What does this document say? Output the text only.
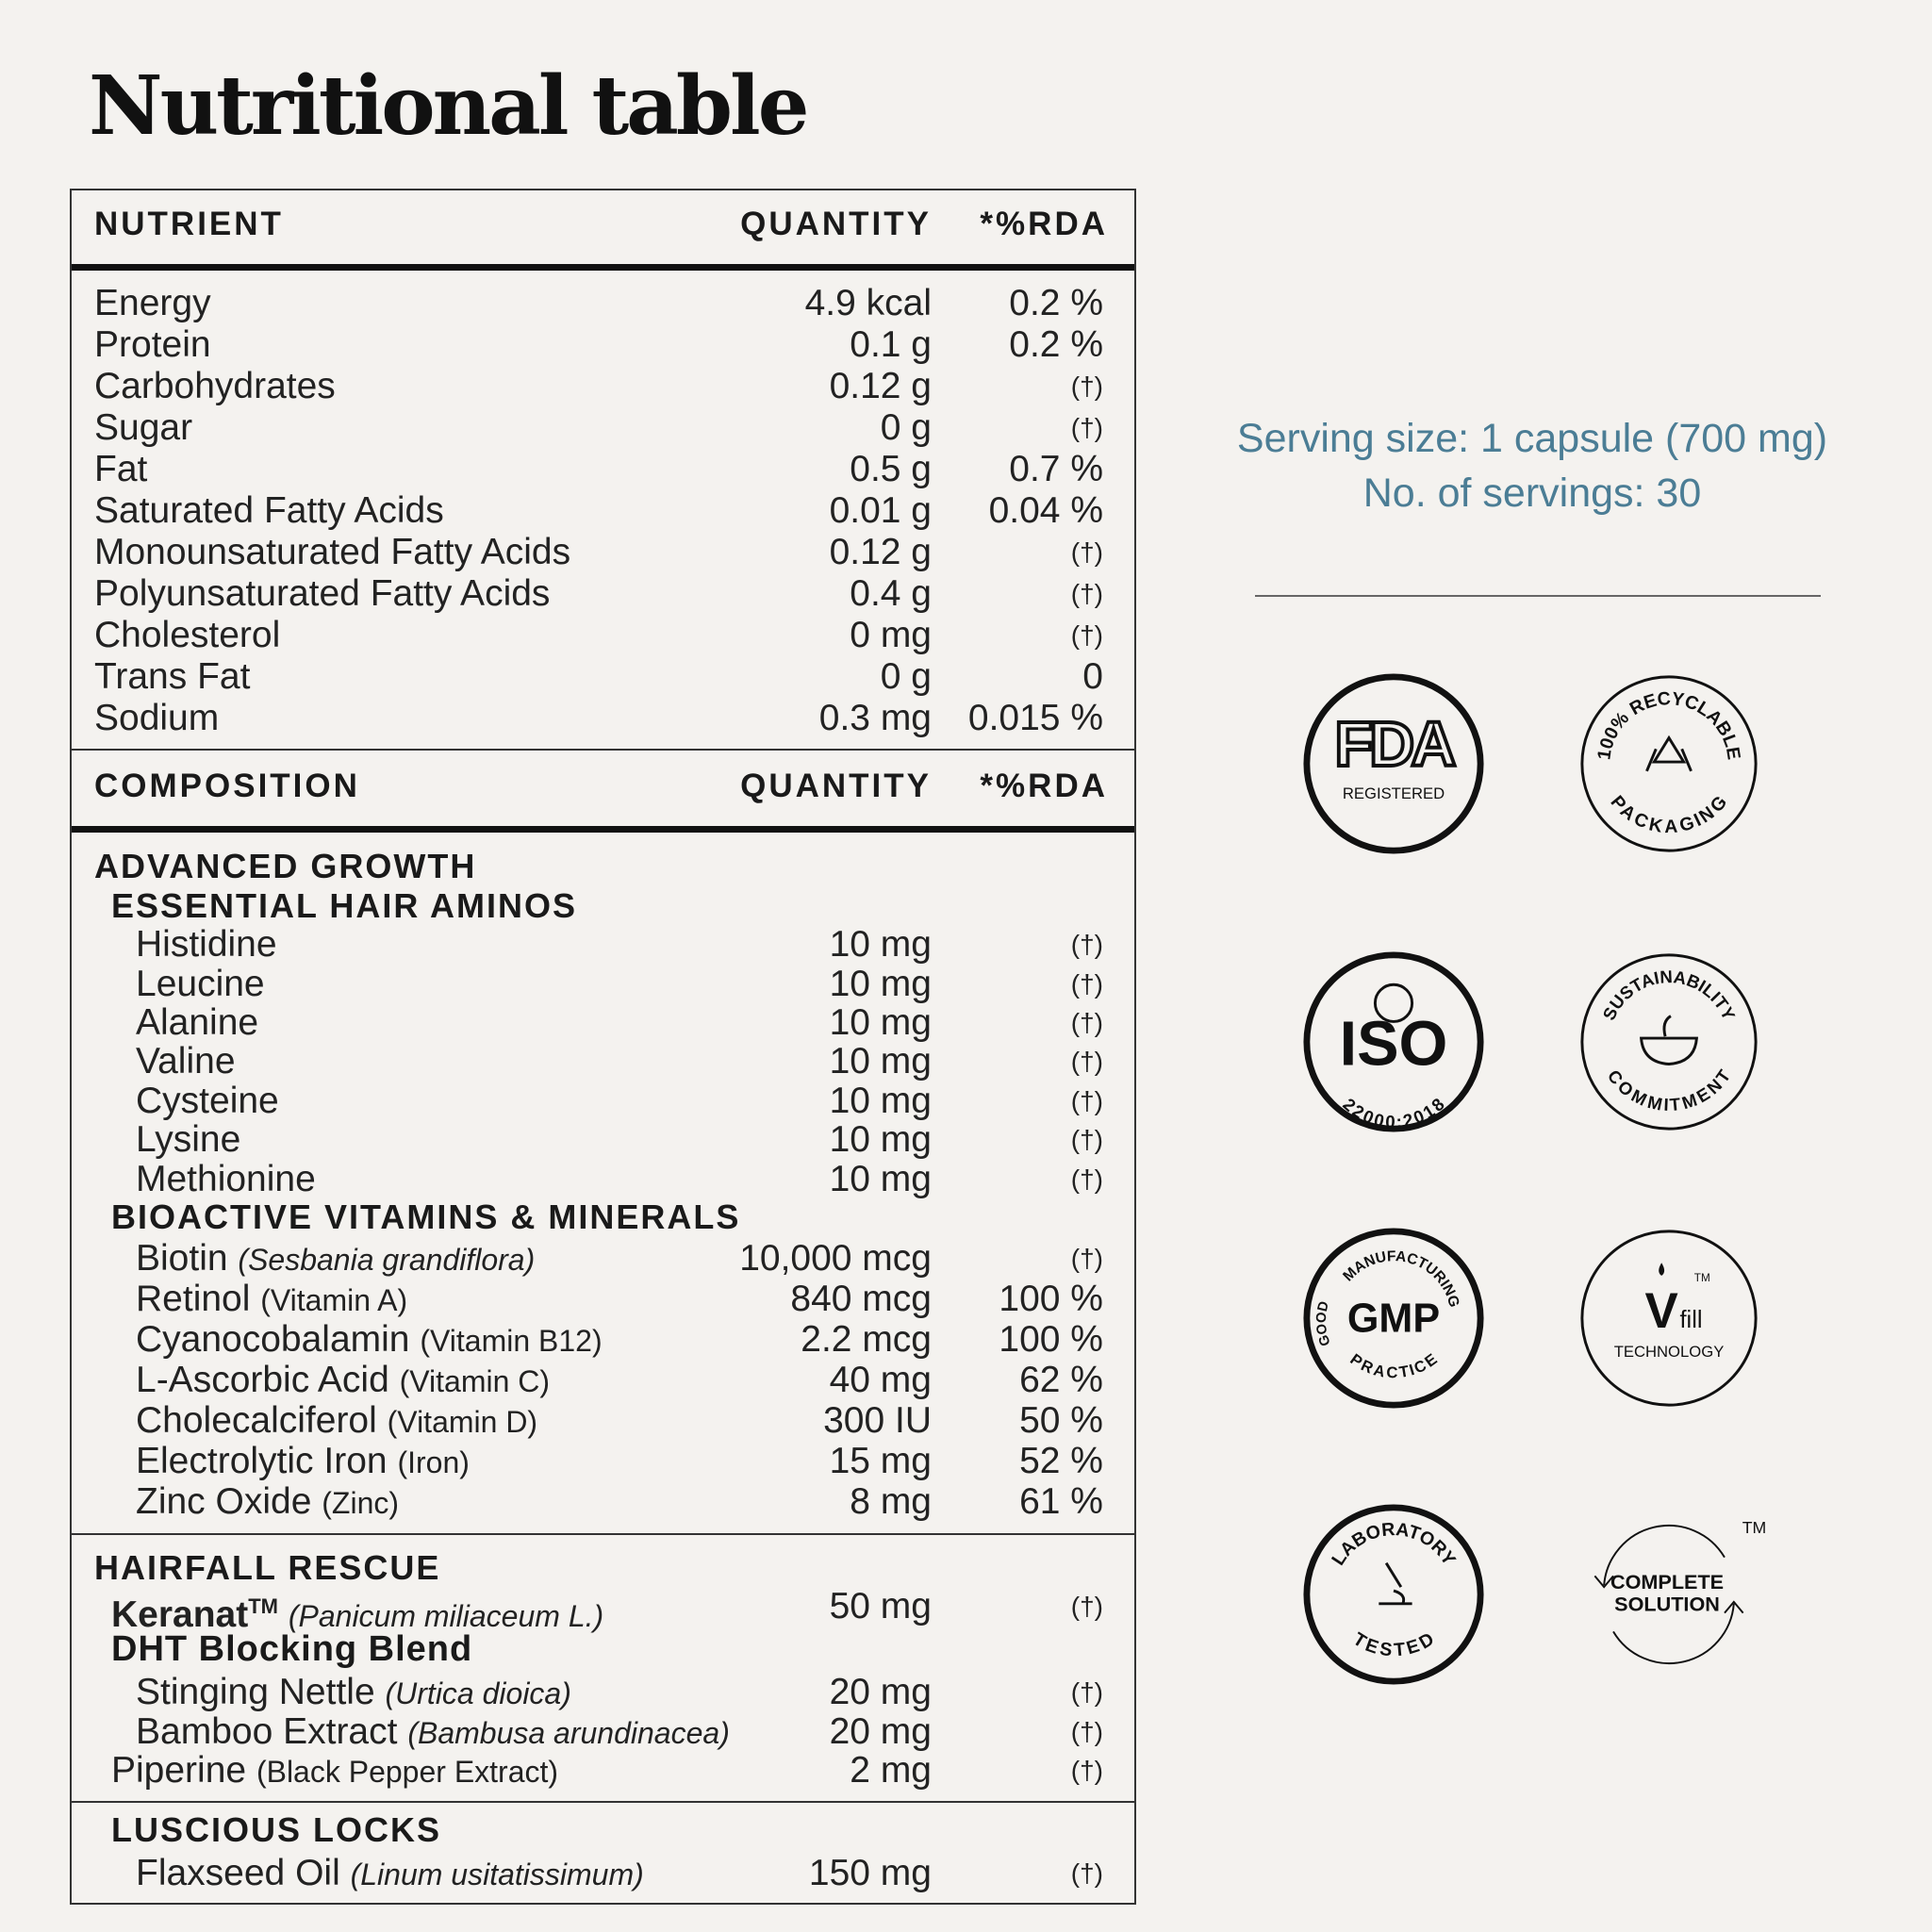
Nutritional table
NUTRIENT	QUANTITY *%RDA
Energy	4.9 kcal 0.2 %
Protein	0.1 g 0.2 %
Carbohydrates	0.12 g	(†)
Sugar	0 g	(†)
Fat	0.5 g 0.7 %
Saturated Fatty Acids	0.01 g 0.04 %
Monounsaturated Fatty Acids	0.12 g	(†)
Polyunsaturated Fatty Acids	0.4 g	(†)
Cholesterol	0 mg	(†)
Trans Fat	0 g	0
Sodium	0.3 mg 0.015 %
COMPOSITION	QUANTITY *%RDA
ADVANCED GROWTH
ESSENTIAL HAIR AMINOS
Histidine	10 mg	(†)
Leucine	10 mg	(†)
Alanine	10 mg	(†)
Valine	10 mg	(†)
Cysteine	10 mg	(†)
Lysine	10 mg	(†)
Methionine	10 mg	(†)
BIOACTIVE VITAMINS & MINERALS
Biotin (Sesbania grandiflora)	10,000 mcg	(†)
Retinol (Vitamin A)	840 mcg 100 %
Cyanocobalamin (Vitamin B12)	2.2 mcg 100 %
L-Ascorbic Acid (Vitamin C)	40 mg 62 %
Cholecalciferol (Vitamin D)	300 IU 50 %
Electrolytic Iron (Iron)	15 mg 52 %
Zinc Oxide (Zinc)	8 mg 61 %
HAIRFALL RESCUE
Keranat™ (Panicum miliaceum L.)	50 mg	(†)
DHT Blocking Blend
Stinging Nettle (Urtica dioica)	20 mg	(†)
Bamboo Extract (Bambusa arundinacea)	20 mg	(†)
Piperine (Black Pepper Extract)	2 mg	(†)
LUSCIOUS LOCKS
Flaxseed Oil (Linum usitatissimum)	150 mg	(†)
Serving size: 1 capsule (700 mg)
No. of servings: 30
FDA
REGISTERED
100% RECYCLABLE
PACKAGING
ISO
22000:2018
SUSTAINABILITY
COMMITMENT
MANUFACTURING
PRACTICE
GOOD GMP	V fill
TM
TECHNOLOGY
LABORATORY
TESTED
COMPLETE
SOLUTION
TM
